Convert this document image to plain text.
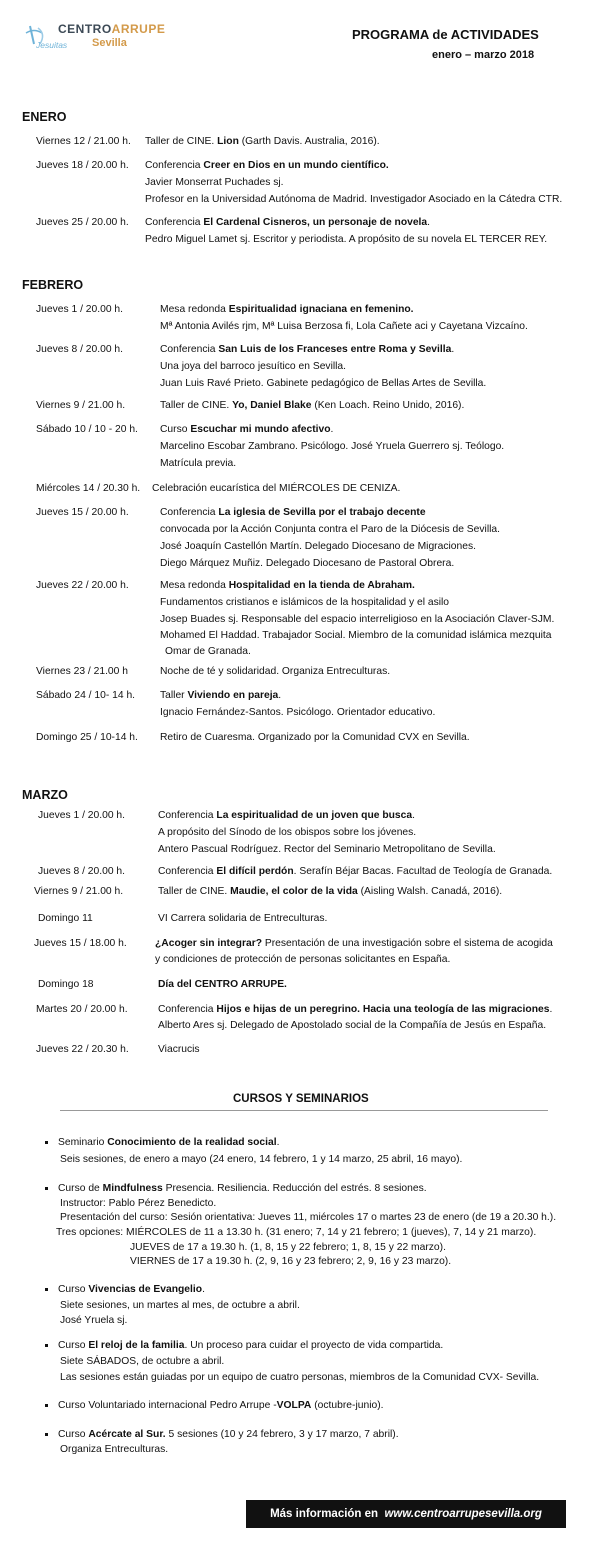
CENTROARRUPE
Jesuitas Sevilla
PROGRAMA de ACTIVIDADES
enero – marzo 2018
ENERO
Viernes 12 / 21.00 h. Taller de CINE. Lion (Garth Davis. Australia, 2016).
Jueves 18 / 20.00 h. Conferencia Creer en Dios en un mundo científico.
Javier Monserrat Puchades sj.
Profesor en la Universidad Autónoma de Madrid. Investigador Asociado en la Cátedra CTR.
Jueves 25 / 20.00 h. Conferencia El Cardenal Cisneros, un personaje de novela.
Pedro Miguel Lamet sj. Escritor y periodista. A propósito de su novela EL TERCER REY.
FEBRERO
Jueves 1 / 20.00 h.	Mesa redonda Espiritualidad ignaciana en femenino.
Mª Antonia Avilés rjm, Mª Luisa Berzosa fi, Lola Cañete aci y Cayetana Vizcaíno.
Jueves 8 / 20.00 h.	Conferencia San Luis de los Franceses entre Roma y Sevilla.
Una joya del barroco jesuítico en Sevilla.
Juan Luis Ravé Prieto. Gabinete pedagógico de Bellas Artes de Sevilla.
Viernes 9 / 21.00 h.	Taller de CINE. Yo, Daniel Blake (Ken Loach. Reino Unido, 2016).
Sábado 10 / 10 - 20 h. Curso Escuchar mi mundo afectivo.
Marcelino Escobar Zambrano. Psicólogo. José Yruela Guerrero sj. Teólogo.
Matrícula previa.
Miércoles 14 / 20.30 h. Celebración eucarística del MIÉRCOLES DE CENIZA.
Jueves 15 / 20.00 h.	Conferencia La iglesia de Sevilla por el trabajo decente
convocada por la Acción Conjunta contra el Paro de la Diócesis de Sevilla.
José Joaquín Castellón Martín. Delegado Diocesano de Migraciones.
Diego Márquez Muñiz. Delegado Diocesano de Pastoral Obrera.
Jueves 22 / 20.00 h.	Mesa redonda Hospitalidad en la tienda de Abraham.
Fundamentos cristianos e islámicos de la hospitalidad y el asilo
Josep Buades sj. Responsable del espacio interreligioso en la Asociación Claver-SJM.
Mohamed El Haddad. Trabajador Social. Miembro de la comunidad islámica mezquita
Omar de Granada.
Viernes 23 / 21.00 h	Noche de té y solidaridad. Organiza Entreculturas.
Sábado 24 / 10- 14 h. Taller Viviendo en pareja.
Ignacio Fernández-Santos. Psicólogo. Orientador educativo.
Domingo 25 / 10-14 h. Retiro de Cuaresma. Organizado por la Comunidad CVX en Sevilla.
MARZO
Jueves 1 / 20.00 h.	Conferencia La espiritualidad de un joven que busca.
A propósito del Sínodo de los obispos sobre los jóvenes.
Antero Pascual Rodríguez. Rector del Seminario Metropolitano de Sevilla.
Jueves 8 / 20.00 h.	Conferencia El difícil perdón. Serafín Béjar Bacas. Facultad de Teología de Granada.
Viernes 9 / 21.00 h.	Taller de CINE. Maudie, el color de la vida (Aisling Walsh. Canadá, 2016).
Domingo 11	VI Carrera solidaria de Entreculturas.
Jueves 15 / 18.00 h.	¿Acoger sin integrar? Presentación de una investigación sobre el sistema de acogida
y condiciones de protección de personas solicitantes en España.
Domingo 18	Día del CENTRO ARRUPE.
Martes 20 / 20.00 h.	Conferencia Hijos e hijas de un peregrino. Hacia una teología de las migraciones.
Alberto Ares sj. Delegado de Apostolado social de la Compañía de Jesús en España.
Jueves 22 / 20.30 h.	Viacrucis
CURSOS Y SEMINARIOS
Seminario Conocimiento de la realidad social.
Seis sesiones, de enero a mayo (24 enero, 14 febrero, 1 y 14 marzo, 25 abril, 16 mayo).
Curso de Mindfulness Presencia. Resiliencia. Reducción del estrés. 8 sesiones.
Instructor: Pablo Pérez Benedicto.
Presentación del curso: Sesión orientativa: Jueves 11, miércoles 17 o martes 23 de enero (de 19 a 20.30 h.).
Tres opciones: MIÉRCOLES de 11 a 13.30 h. (31 enero; 7, 14 y 21 febrero; 1 (jueves), 7, 14 y 21 marzo).
JUEVES de 17 a 19.30 h. (1, 8, 15 y 22 febrero; 1, 8, 15 y 22 marzo).
VIERNES de 17 a 19.30 h. (2, 9, 16 y 23 febrero; 2, 9, 16 y 23 marzo).
Curso Vivencias de Evangelio.
Siete sesiones, un martes al mes, de octubre a abril.
José Yruela sj.
Curso El reloj de la familia. Un proceso para cuidar el proyecto de vida compartida.
Siete SÁBADOS, de octubre a abril.
Las sesiones están guiadas por un equipo de cuatro personas, miembros de la Comunidad CVX- Sevilla.
Curso Voluntariado internacional Pedro Arrupe -VOLPA (octubre-junio).
Curso Acércate al Sur. 5 sesiones (10 y 24 febrero, 3 y 17 marzo, 7 abril).
Organiza Entreculturas.
Más información en www.centroarrupesevilla.org
